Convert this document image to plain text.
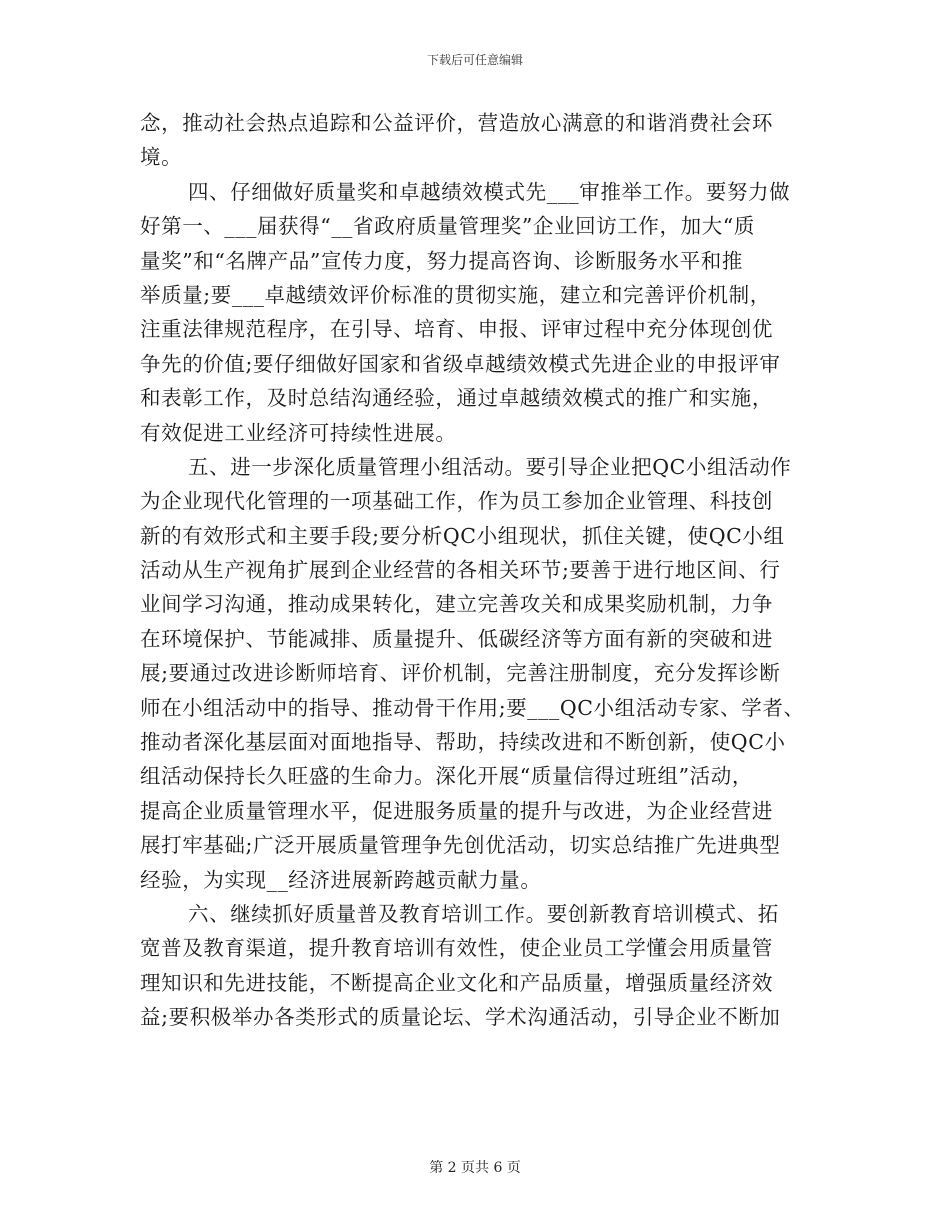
下载后可任意编辑
念，推动社会热点追踪和公益评价，营造放心满意的和谐消费社会环
境。
四、仔细做好质量奖和卓越绩效模式先___审推举工作。要努力做
好第一、___届获得“__省政府质量管理奖”企业回访工作，加大“质
量奖”和“名牌产品”宣传力度，努力提高咨询、诊断服务水平和推
举质量;要___卓越绩效评价标准的贯彻实施，建立和完善评价机制，
注重法律规范程序，在引导、培育、申报、评审过程中充分体现创优
争先的价值;要仔细做好国家和省级卓越绩效模式先进企业的申报评审
和表彰工作，及时总结沟通经验，通过卓越绩效模式的推广和实施，
有效促进工业经济可持续性进展。
五、进一步深化质量管理小组活动。要引导企业把QC小组活动作
为企业现代化管理的一项基础工作，作为员工参加企业管理、科技创
新的有效形式和主要手段;要分析QC小组现状，抓住关键，使QC小组
活动从生产视角扩展到企业经营的各相关环节;要善于进行地区间、行
业间学习沟通，推动成果转化，建立完善攻关和成果奖励机制，力争
在环境保护、节能减排、质量提升、低碳经济等方面有新的突破和进
展;要通过改进诊断师培育、评价机制，完善注册制度，充分发挥诊断
师在小组活动中的指导、推动骨干作用;要___QC小组活动专家、学者、
推动者深化基层面对面地指导、帮助，持续改进和不断创新，使QC小
组活动保持长久旺盛的生命力。深化开展“质量信得过班组”活动，
提高企业质量管理水平，促进服务质量的提升与改进，为企业经营进
展打牢基础;广泛开展质量管理争先创优活动，切实总结推广先进典型
经验，为实现__经济进展新跨越贡献力量。
六、继续抓好质量普及教育培训工作。要创新教育培训模式、拓
宽普及教育渠道，提升教育培训有效性，使企业员工学懂会用质量管
理知识和先进技能，不断提高企业文化和产品质量，增强质量经济效
益;要积极举办各类形式的质量论坛、学术沟通活动，引导企业不断加
第 2 页共 6 页
